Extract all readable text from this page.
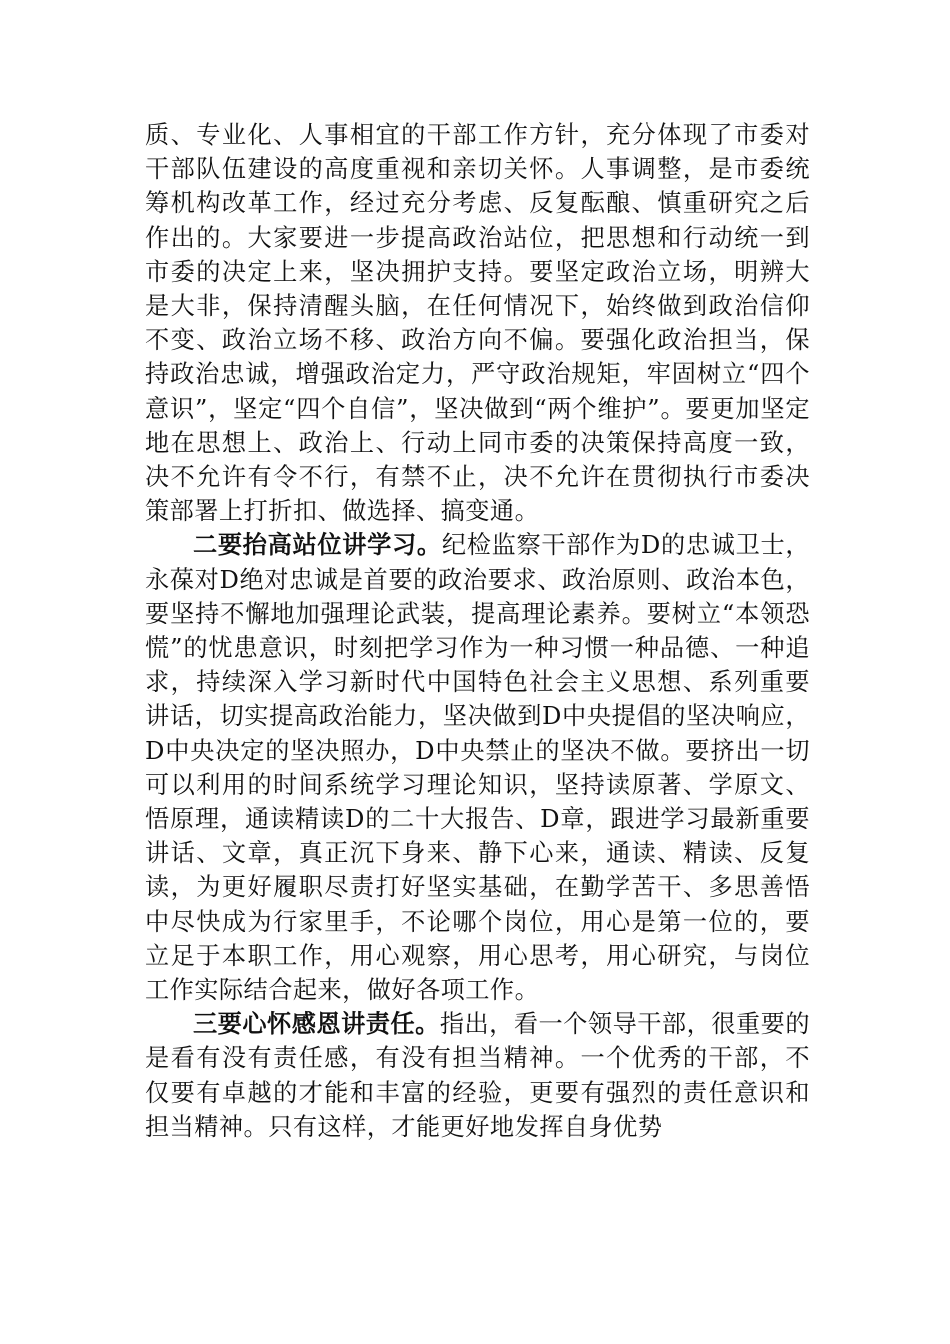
质、专业化、人事相宜的干部工作方针，充分体现了市委对干部队伍建设的高度重视和亲切关怀。人事调整，是市委统筹机构改革工作，经过充分考虑、反复酝酿、慎重研究之后作出的。大家要进一步提高政治站位，把思想和行动统一到市委的决定上来，坚决拥护支持。要坚定政治立场，明辨大是大非，保持清醒头脑，在任何情况下，始终做到政治信仰不变、政治立场不移、政治方向不偏。要强化政治担当，保持政治忠诚，增强政治定力，严守政治规矩，牢固树立“四个意识”，坚定“四个自信”，坚决做到“两个维护”。要更加坚定地在思想上、政治上、行动上同市委的决策保持高度一致，决不允许有令不行，有禁不止，决不允许在贯彻执行市委决策部署上打折扣、做选择、搞变通。

二要抬高站位讲学习。纪检监察干部作为D的忠诚卫士，永葆对D绝对忠诚是首要的政治要求、政治原则、政治本色，要坚持不懈地加强理论武装，提高理论素养。要树立“本领恐慌”的忧患意识，时刻把学习作为一种习惯一种品德、一种追求，持续深入学习新时代中国特色社会主义思想、系列重要讲话，切实提高政治能力，坚决做到D中央提倡的坚决响应，D中央决定的坚决照办，D中央禁止的坚决不做。要挤出一切可以利用的时间系统学习理论知识，坚持读原著、学原文、悟原理，通读精读D的二十大报告、D章，跟进学习最新重要讲话、文章，真正沉下身来、静下心来，通读、精读、反复读，为更好履职尽责打好坚实基础，在勤学苦干、多思善悟中尽快成为行家里手，不论哪个岗位，用心是第一位的，要立足于本职工作，用心观察，用心思考，用心研究，与岗位工作实际结合起来，做好各项工作。

三要心怀感恩讲责任。指出，看一个领导干部，很重要的是看有没有责任感，有没有担当精神。一个优秀的干部，不仅要有卓越的才能和丰富的经验，更要有强烈的责任意识和担当精神。只有这样，才能更好地发挥自身优势
